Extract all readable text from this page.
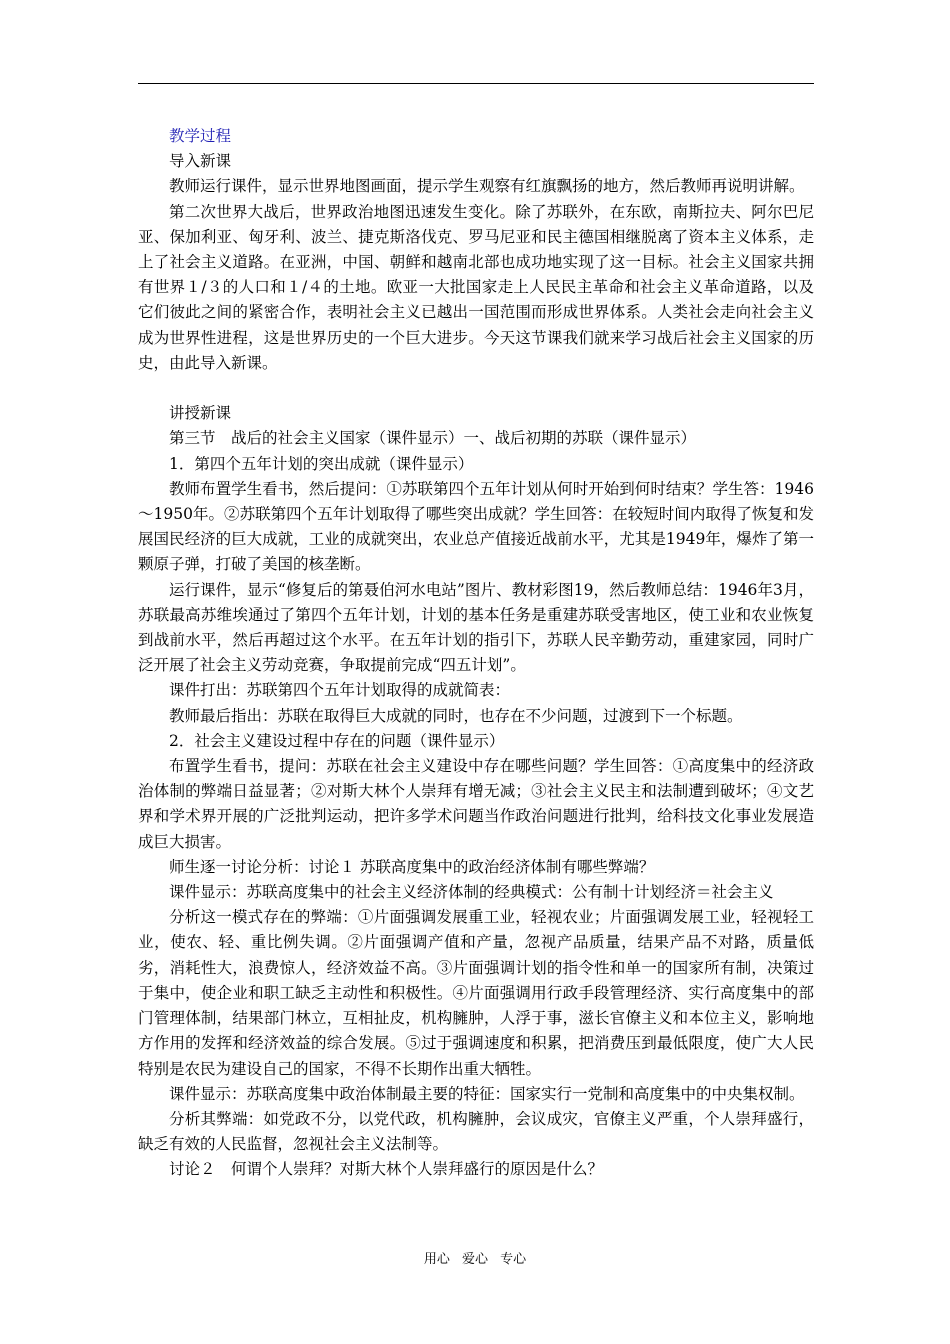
教学过程

导入新课

教师运行课件，显示世界地图画面，提示学生观察有红旗飘扬的地方，然后教师再说明讲解。

第二次世界大战后，世界政治地图迅速发生变化。除了苏联外，在东欧，南斯拉夫、阿尔巴尼亚、保加利亚、匈牙利、波兰、捷克斯洛伐克、罗马尼亚和民主德国相继脱离了资本主义体系，走上了社会主义道路。在亚洲，中国、朝鲜和越南北部也成功地实现了这一目标。社会主义国家共拥有世界１/３的人口和１/４的土地。欧亚一大批国家走上人民民主革命和社会主义革命道路，以及它们彼此之间的紧密合作，表明社会主义已越出一国范围而形成世界体系。人类社会走向社会主义成为世界性进程，这是世界历史的一个巨大进步。今天这节课我们就来学习战后社会主义国家的历史，由此导入新课。

讲授新课

第三节　战后的社会主义国家（课件显示）一、战后初期的苏联（课件显示）

1．第四个五年计划的突出成就（课件显示）

教师布置学生看书，然后提问：①苏联第四个五年计划从何时开始到何时结束？学生答：1946～1950年。②苏联第四个五年计划取得了哪些突出成就？学生回答：在较短时间内取得了恢复和发展国民经济的巨大成就，工业的成就突出，农业总产值接近战前水平，尤其是1949年，爆炸了第一颗原子弹，打破了美国的核垄断。

运行课件，显示“修复后的第聂伯河水电站”图片、教材彩图19，然后教师总结：1946年3月，苏联最高苏维埃通过了第四个五年计划，计划的基本任务是重建苏联受害地区，使工业和农业恢复到战前水平，然后再超过这个水平。在五年计划的指引下，苏联人民辛勤劳动，重建家园，同时广泛开展了社会主义劳动竞赛，争取提前完成“四五计划”。

课件打出：苏联第四个五年计划取得的成就简表：

教师最后指出：苏联在取得巨大成就的同时，也存在不少问题，过渡到下一个标题。

2．社会主义建设过程中存在的问题（课件显示）

布置学生看书，提问：苏联在社会主义建设中存在哪些问题？学生回答：①高度集中的经济政治体制的弊端日益显著；②对斯大林个人崇拜有增无减；③社会主义民主和法制遭到破坏；④文艺界和学术界开展的广泛批判运动，把许多学术问题当作政治问题进行批判，给科技文化事业发展造成巨大损害。

师生逐一讨论分析：讨论１ 苏联高度集中的政治经济体制有哪些弊端？

课件显示：苏联高度集中的社会主义经济体制的经典模式：公有制十计划经济＝社会主义

分析这一模式存在的弊端：①片面强调发展重工业，轻视农业；片面强调发展工业，轻视轻工业，使农、轻、重比例失调。②片面强调产值和产量，忽视产品质量，结果产品不对路，质量低劣，消耗性大，浪费惊人，经济效益不高。③片面强调计划的指令性和单一的国家所有制，决策过于集中，使企业和职工缺乏主动性和积极性。④片面强调用行政手段管理经济、实行高度集中的部门管理体制，结果部门林立，互相扯皮，机构臃肿，人浮于事，滋长官僚主义和本位主义，影响地方作用的发挥和经济效益的综合发展。⑤过于强调速度和积累，把消费压到最低限度，使广大人民特别是农民为建设自己的国家，不得不长期作出重大牺牲。

课件显示：苏联高度集中政治体制最主要的特征：国家实行一党制和高度集中的中央集权制。

分析其弊端：如党政不分，以党代政，机构臃肿，会议成灾，官僚主义严重，个人崇拜盛行，缺乏有效的人民监督，忽视社会主义法制等。

讨论２　何谓个人崇拜？对斯大林个人崇拜盛行的原因是什么？

用心 爱心 专心
